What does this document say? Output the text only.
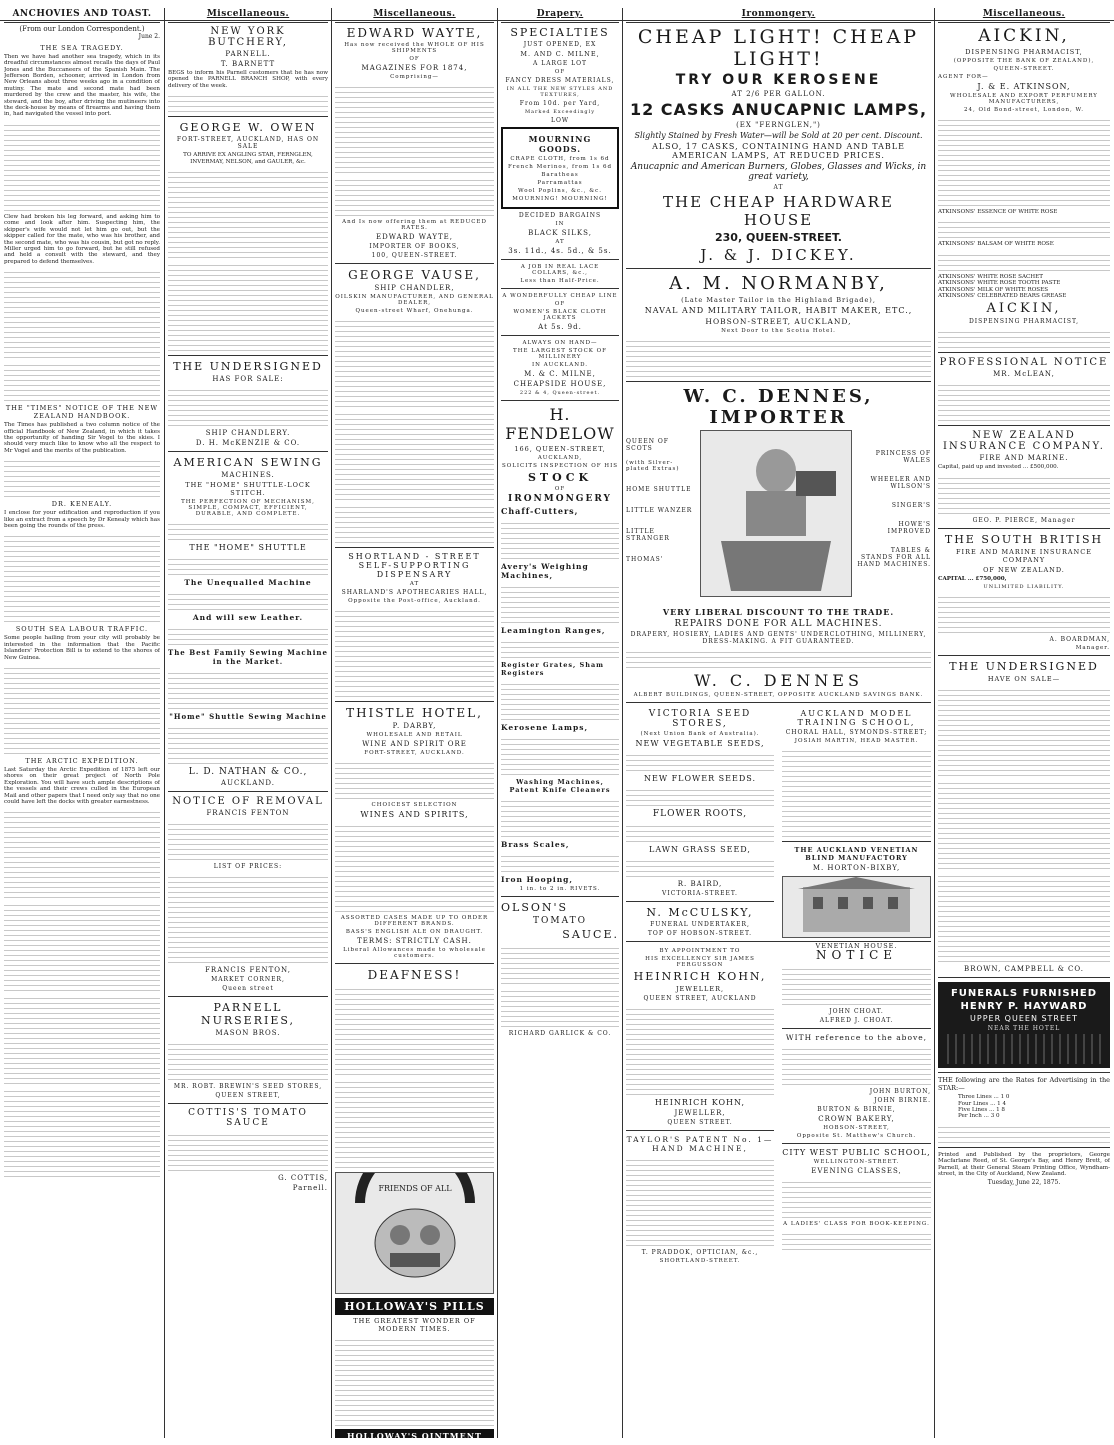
ANCHOVIES AND TOAST.

(From our London Correspondent.)

June 2.

THE SEA TRAGEDY.

Then we have had another sea tragedy, which in its dreadful circumstances almost recalls the days of Paul Jones and the Buccaneers of the Spanish Main. The Jefferson Borden, schooner, arrived in London from New Orleans about three weeks ago in a condition of mutiny. The mate and second mate had been murdered by the crew and the master, his wife, the steward, and the boy, after driving the mutineers into the deck-house by means of firearms and having them in, had navigated the vessel into port.

Clew had broken his leg forward, and asking him to come and look after him. Suspecting him, the skipper's wife would not let him go out, but the skipper called for the mate, who was his brother, and the second mate, who was his cousin, but got no reply. Miller urged him to go forward, but he still refused and held a consult with the steward, and they prepared to defend themselves.

THE "TIMES" NOTICE OF THE NEW ZEALAND HANDBOOK.

The Times has published a two column notice of the official Handbook of New Zealand, in which it takes the opportunity of handing Sir Vogel to the skies. I should very much like to know who all the respect to Mr Vogel and the merits of the publication.

DR. KENEALY.

I enclose for your edification and reproduction if you like an extract from a speech by Dr Kenealy which has been going the rounds of the press.

SOUTH SEA LABOUR TRAFFIC.

Some people hailing from your city will probably be interested in the information that the Pacific Islanders' Protection Bill is to extend to the shores of New Guinea.

THE ARCTIC EXPEDITION.

Last Saturday the Arctic Expedition of 1875 left our shores on their great project of North Pole Exploration. You will have such ample descriptions of the vessels and their crews culled in the European Mail and other papers that I need only say that no one could have left the docks with greater earnestness.

Miscellaneous.
NEW YORK BUTCHERY,
PARNELL.
T. BARNETT

BEGS to inform his Parnell customers that he has now opened the PARNELL BRANCH SHOP, with every delivery of the week.

GEORGE W. OWEN
FORT-STREET, AUCKLAND, HAS ON SALE

TO ARRIVE EX ANGLING STAR, FERNGLEN, INVERMAY, NELSON, and GAULER, &c.

THE UNDERSIGNED
HAS FOR SALE:
SHIP CHANDLERY.
D. H. McKENZIE & CO.
AMERICAN SEWING
MACHINES.
THE "HOME" SHUTTLE-LOCK STITCH.
THE PERFECTION OF MECHANISM, SIMPLE, COMPACT, EFFICIENT, DURABLE, AND COMPLETE.
THE "HOME" SHUTTLE
The Unequalled Machine
And will sew Leather.
The Best Family Sewing Machine in the Market.
"Home" Shuttle Sewing Machine
L. D. NATHAN & CO.,
AUCKLAND.
NOTICE OF REMOVAL
FRANCIS FENTON
LIST OF PRICES:
FRANCIS FENTON,
MARKET CORNER,
Queen street
PARNELL NURSERIES,
MASON BROS.
MR. ROBT. BREWIN'S SEED STORES,
QUEEN STREET,
COTTIS'S TOMATO SAUCE
G. COTTIS,
Parnell.
Miscellaneous.
EDWARD WAYTE,
Has now received the WHOLE OF HIS SHIPMENTS
OF
MAGAZINES FOR 1874,
Comprising—
And Is now offering them at REDUCED RATES.
EDWARD WAYTE,
IMPORTER OF BOOKS,
100, QUEEN-STREET.
GEORGE VAUSE,
SHIP CHANDLER,
OILSKIN MANUFACTURER, AND GENERAL DEALER,
Queen-street Wharf, Onehunga.
SHORTLAND - STREET SELF-SUPPORTING DISPENSARY
AT
SHARLAND'S APOTHECARIES HALL,
Opposite the Post-office, Auckland.
THISTLE HOTEL,
P. DARBY,
WHOLESALE AND RETAIL
WINE AND SPIRIT ORE
FORT-STREET, AUCKLAND.
CHOICEST SELECTION
WINES AND SPIRITS,
ASSORTED CASES MADE UP TO ORDER DIFFERENT BRANDS.
BASS'S ENGLISH ALE ON DRAUGHT.
TERMS: STRICTLY CASH.
Liberal Allowances made to wholesale customers.
DEAFNESS!
FRIENDS OF ALL
HOLLOWAY'S PILLS
THE GREATEST WONDER OF MODERN TIMES.
HOLLOWAY'S OINTMENT
Drapery.
SPECIALTIES
JUST OPENED, EX
M. AND C. MILNE,
A LARGE LOT
OF
FANCY DRESS MATERIALS,
IN ALL THE NEW STYLES AND TEXTURES,
From 10d. per Yard,
Marked Exceedingly
LOW
MOURNING GOODS.
CRAPE CLOTH, from 1s 6d
French Merinos, from 1s 6d
Baratheas
Parramattas
Wool Poplins, &c., &c.
MOURNING! MOURNING!
DECIDED BARGAINS
IN
BLACK SILKS,
AT
3s. 11d., 4s. 5d., & 5s.
A JOB IN REAL LACE COLLARS, &c.,
Less than Half-Price.
A WONDERFULLY CHEAP LINE
OF
WOMEN'S BLACK CLOTH JACKETS
At 5s. 9d.
ALWAYS ON HAND—
THE LARGEST STOCK OF MILLINERY
IN AUCKLAND.
M. & C. MILNE,
CHEAPSIDE HOUSE,
222 & 4, Queen-street.
H. FENDELOW
166, QUEEN-STREET,
AUCKLAND,
SOLICITS INSPECTION OF HIS
STOCK
OF
IRONMONGERY
Chaff-Cutters,
Avery's Weighing Machines,
Leamington Ranges,
Register Grates, Sham Registers
Kerosene Lamps,
Washing Machines, Patent Knife Cleaners
Brass Scales,
Iron Hooping,
1 in. to 2 in. RIVETS.
OLSON'S
TOMATO
SAUCE.
RICHARD GARLICK & CO.
Ironmongery.
CHEAP LIGHT! CHEAP LIGHT!
TRY OUR KEROSENE
AT 2/6 PER GALLON.
12 CASKS ANUCAPNIC LAMPS,
(EX "FERNGLEN,")
Slightly Stained by Fresh Water—will be Sold at 20 per cent. Discount.
ALSO, 17 CASKS, CONTAINING HAND AND TABLE AMERICAN LAMPS, AT REDUCED PRICES.
Anucapnic and American Burners, Globes, Glasses and Wicks, in great variety,
AT
THE CHEAP HARDWARE HOUSE
230, QUEEN-STREET.
J. & J. DICKEY.
A. M. NORMANBY,
(Late Master Tailor in the Highland Brigade),
NAVAL AND MILITARY TAILOR, HABIT MAKER, ETC.,
HOBSON-STREET, AUCKLAND,
Next Door to the Scotia Hotel.
W. C. DENNES, IMPORTER
QUEEN OF SCOTS
(with Silver-plated Extras)
HOME SHUTTLE
LITTLE WANZER
LITTLE STRANGER
THOMAS'
PRINCESS OF WALES
WHEELER AND WILSON'S
SINGER'S
HOWE'S IMPROVED
TABLES & STANDS FOR ALL HAND MACHINES.
VERY LIBERAL DISCOUNT TO THE TRADE.
REPAIRS DONE FOR ALL MACHINES.
DRAPERY, HOSIERY, LADIES AND GENTS' UNDERCLOTHING, MILLINERY, DRESS-MAKING. A FIT GUARANTEED.
W. C. DENNES
ALBERT BUILDINGS, QUEEN-STREET, OPPOSITE AUCKLAND SAVINGS BANK.
VICTORIA SEED STORES,
(Next Union Bank of Australia).
NEW VEGETABLE SEEDS,
NEW FLOWER SEEDS.
FLOWER ROOTS,
LAWN GRASS SEED,
R. BAIRD,
VICTORIA-STREET.
N. McCULSKY,
FUNERAL UNDERTAKER,
TOP OF HOBSON-STREET.
AUCKLAND MODEL TRAINING SCHOOL,
CHORAL HALL, SYMONDS-STREET;
JOSIAH MARTIN, HEAD MASTER.
THE AUCKLAND VENETIAN BLIND MANUFACTORY
M. HORTON-BIXBY,
VENETIAN HOUSE.
BY APPOINTMENT TO
HIS EXCELLENCY SIR JAMES FERGUSSON
HEINRICH KOHN,
JEWELLER,
QUEEN STREET, AUCKLAND
HEINRICH KOHN,
JEWELLER,
QUEEN STREET.
TAYLOR'S PATENT No. 1—HAND MACHINE,
T. PRADDOK, OPTICIAN, &c.,
SHORTLAND-STREET.
NOTICE
JOHN CHOAT.
ALFRED J. CHOAT.
WITH reference to the above,
JOHN BURTON,
JOHN BIRNIE.
BURTON & BIRNIE,
CROWN BAKERY,
HOBSON-STREET,
Opposite St. Matthew's Church.
CITY WEST PUBLIC SCHOOL,
WELLINGTON-STREET.
EVENING CLASSES,
A LADIES' CLASS FOR BOOK-KEEPING.
Miscellaneous.
AICKIN,
DISPENSING PHARMACIST,
(OPPOSITE THE BANK OF ZEALAND),
QUEEN-STREET.
AGENT FOR—
J. & E. ATKINSON,
WHOLESALE AND EXPORT PERFUMERY MANUFACTURERS,
24, Old Bond-street, London, W.

ATKINSONS' ESSENCE OF WHITE ROSE

ATKINSONS' BALSAM OF WHITE ROSE

ATKINSONS' WHITE ROSE SACHET

ATKINSONS' WHITE ROSE TOOTH PASTE

ATKINSONS' MILK OF WHITE ROSES

ATKINSONS' CELEBRATED BEARS GREASE

AICKIN,
DISPENSING PHARMACIST,
PROFESSIONAL NOTICE
MR. McLEAN,
NEW ZEALAND INSURANCE COMPANY.
FIRE AND MARINE.

Capital, paid up and invested ... £500,000.

GEO. P. PIERCE, Manager
THE SOUTH BRITISH
FIRE AND MARINE INSURANCE COMPANY
OF NEW ZEALAND.

CAPITAL ... £750,000,

UNLIMITED LIABILITY.
A. BOARDMAN,
Manager.
THE UNDERSIGNED
HAVE ON SALE—
BROWN, CAMPBELL & CO.
FUNERALS FURNISHED
HENRY P. HAYWARD
UPPER QUEEN STREET
NEAR THE HOTEL

THE following are the Rates for Advertising in the STAR:—

Three Lines ... 1 0

Four Lines ... 1 4

Five Lines ... 1 8

Per Inch ... 3 0

Printed and Published by the proprietors, George Macfarlane Reed, of St. George's Bay, and Henry Brett, of Parnell, at their General Steam Printing Office, Wyndham-street, in the City of Auckland, New Zealand.

Tuesday, June 22, 1875.
